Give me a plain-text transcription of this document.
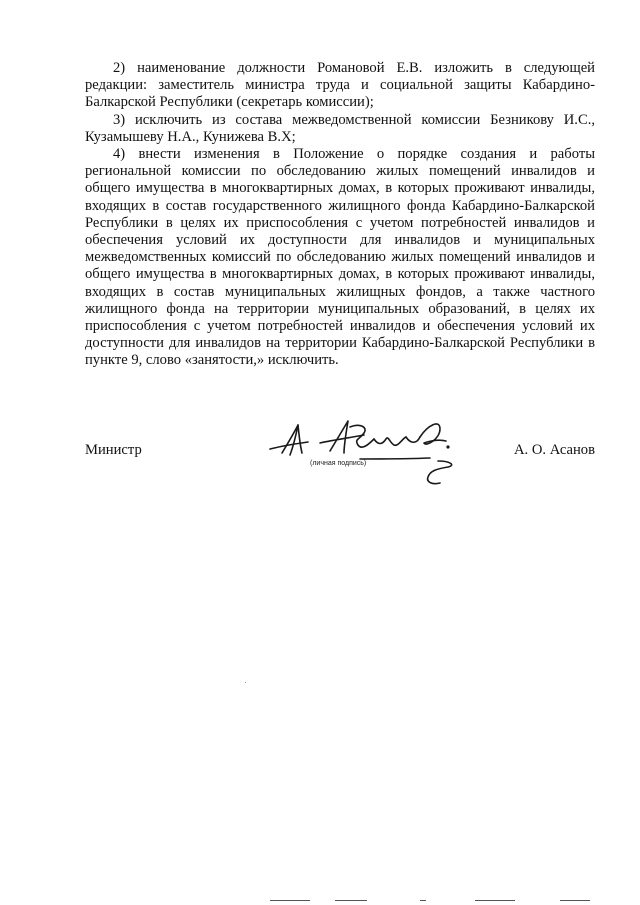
2) наименование должности Романовой Е.В. изложить в следующей редакции: заместитель министра труда и социальной защиты Кабардино-Балкарской Республики (секретарь комиссии);

3) исключить из состава межведомственной комиссии Безникову И.С., Кузамышеву Н.А., Кунижева В.Х;

4) внести изменения в Положение о порядке создания и работы региональной комиссии по обследованию жилых помещений инвалидов и общего имущества в многоквартирных домах, в которых проживают инвалиды, входящих в состав государственного жилищного фонда Кабардино-Балкарской Республики в целях их приспособления с учетом потребностей инвалидов и обеспечения условий их доступности для инвалидов и муниципальных межведомственных комиссий по обследованию жилых помещений инвалидов и общего имущества в многоквартирных домах, в которых проживают инвалиды, входящих в состав муниципальных жилищных фондов, а также частного жилищного фонда на территории муниципальных образований, в целях их приспособления с учетом потребностей инвалидов и обеспечения условий их доступности для инвалидов на территории Кабардино-Балкарской Республики в пункте 9, слово «занятости,» исключить.

Министр
(личная подпись)
А. О. Асанов
